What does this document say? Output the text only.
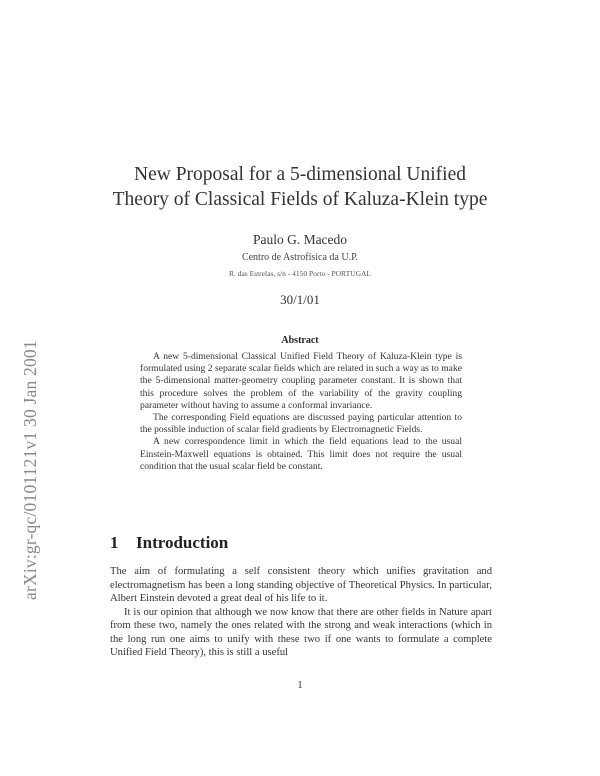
arXiv:gr-qc/0101121v1 30 Jan 2001
New Proposal for a 5-dimensional Unified
Theory of Classical Fields of Kaluza-Klein type
Paulo G. Macedo
Centro de Astrofísica da U.P.
R. das Estrelas, s/n - 4150 Porto - PORTUGAL
30/1/01
Abstract

A new 5-dimensional Classical Unified Field Theory of Kaluza-Klein type is formulated using 2 separate scalar fields which are related in such a way as to make the 5-dimensional matter-geometry coupling parameter constant. It is shown that this procedure solves the problem of the variability of the gravity coupling parameter without having to assume a conformal invariance.

The corresponding Field equations are discussed paying particular attention to the possible induction of scalar field gradients by Electromagnetic Fields.

A new correspondence limit in which the field equations lead to the usual Einstein-Maxwell equations is obtained. This limit does not require the usual condition that the usual scalar field be constant.

1 Introduction

The aim of formulating a self consistent theory which unifies gravitation and electromagnetism has been a long standing objective of Theoretical Physics. In particular, Albert Einstein devoted a great deal of his life to it.

It is our opinion that although we now know that there are other fields in Nature apart from these two, namely the ones related with the strong and weak interactions (which in the long run one aims to unify with these two if one wants to formulate a complete Unified Field Theory), this is still a useful

1
